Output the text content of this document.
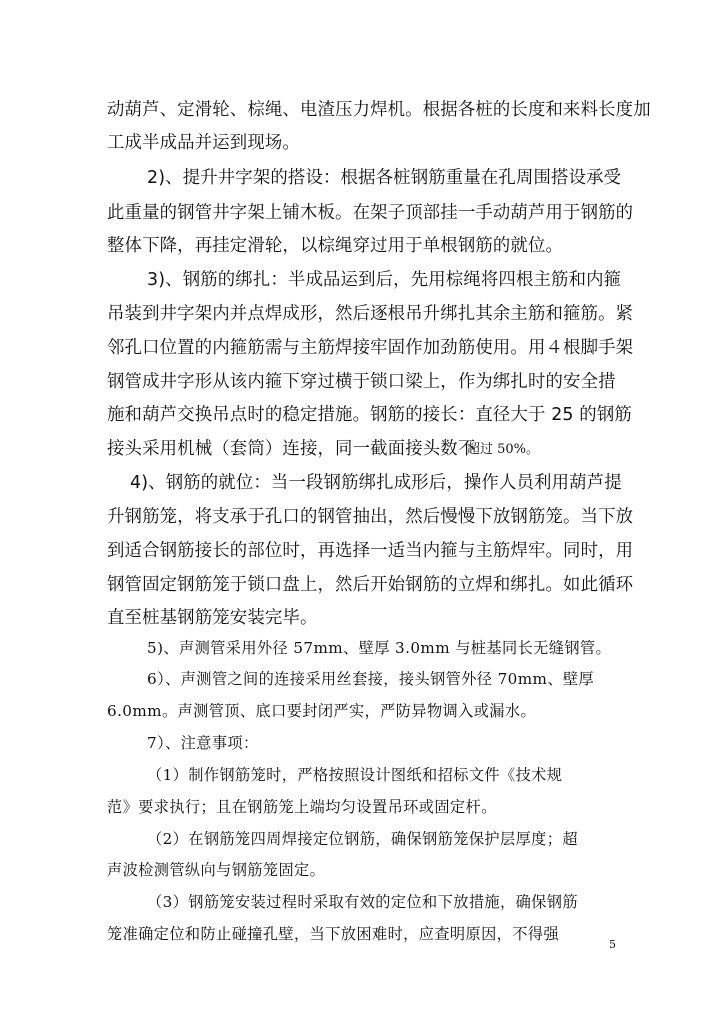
动葫芦、定滑轮、棕绳、电渣压力焊机。根据各桩的长度和来料长度加

工成半成品并运到现场。

2)、提升井字架的搭设：根据各桩钢筋重量在孔周围搭设承受

此重量的钢管井字架上铺木板。在架子顶部挂一手动葫芦用于钢筋的

整体下降，再挂定滑轮，以棕绳穿过用于单根钢筋的就位。

3)、钢筋的绑扎：半成品运到后，先用棕绳将四根主筋和内箍

吊装到井字架内并点焊成形，然后逐根吊升绑扎其余主筋和箍筋。紧

邻孔口位置的内箍筋需与主筋焊接牢固作加劲筋使用。用４根脚手架

钢管成井字形从该内箍下穿过横于锁口梁上，作为绑扎时的安全措

施和葫芦交换吊点时的稳定措施。钢筋的接长：直径大于 25 的钢筋

接头采用机械（套筒）连接，同一截面接头数不

超过 50%。

4)、钢筋的就位：当一段钢筋绑扎成形后，操作人员利用葫芦提

升钢筋笼，将支承于孔口的钢管抽出，然后慢慢下放钢筋笼。当下放

到适合钢筋接长的部位时，再选择一适当内箍与主筋焊牢。同时，用

钢管固定钢筋笼于锁口盘上，然后开始钢筋的立焊和绑扎。如此循环

直至桩基钢筋笼安装完毕。

5)、声测管采用外径 57mm、壁厚 3.0mm 与桩基同长无缝钢管。

6）、声测管之间的连接采用丝套接，接头钢管外径 70mm、壁厚

6.0mm。声测管顶、底口要封闭严实，严防异物调入或漏水。

7）、注意事项：

（1）制作钢筋笼时，严格按照设计图纸和招标文件《技术规

范》要求执行；且在钢筋笼上端均匀设置吊环或固定杆。

（2）在钢筋笼四周焊接定位钢筋，确保钢筋笼保护层厚度；超

声波检测管纵向与钢筋笼固定。

（3）钢筋笼安装过程时采取有效的定位和下放措施，确保钢筋

笼准确定位和防止碰撞孔壁，当下放困难时，应查明原因，不得强

5
